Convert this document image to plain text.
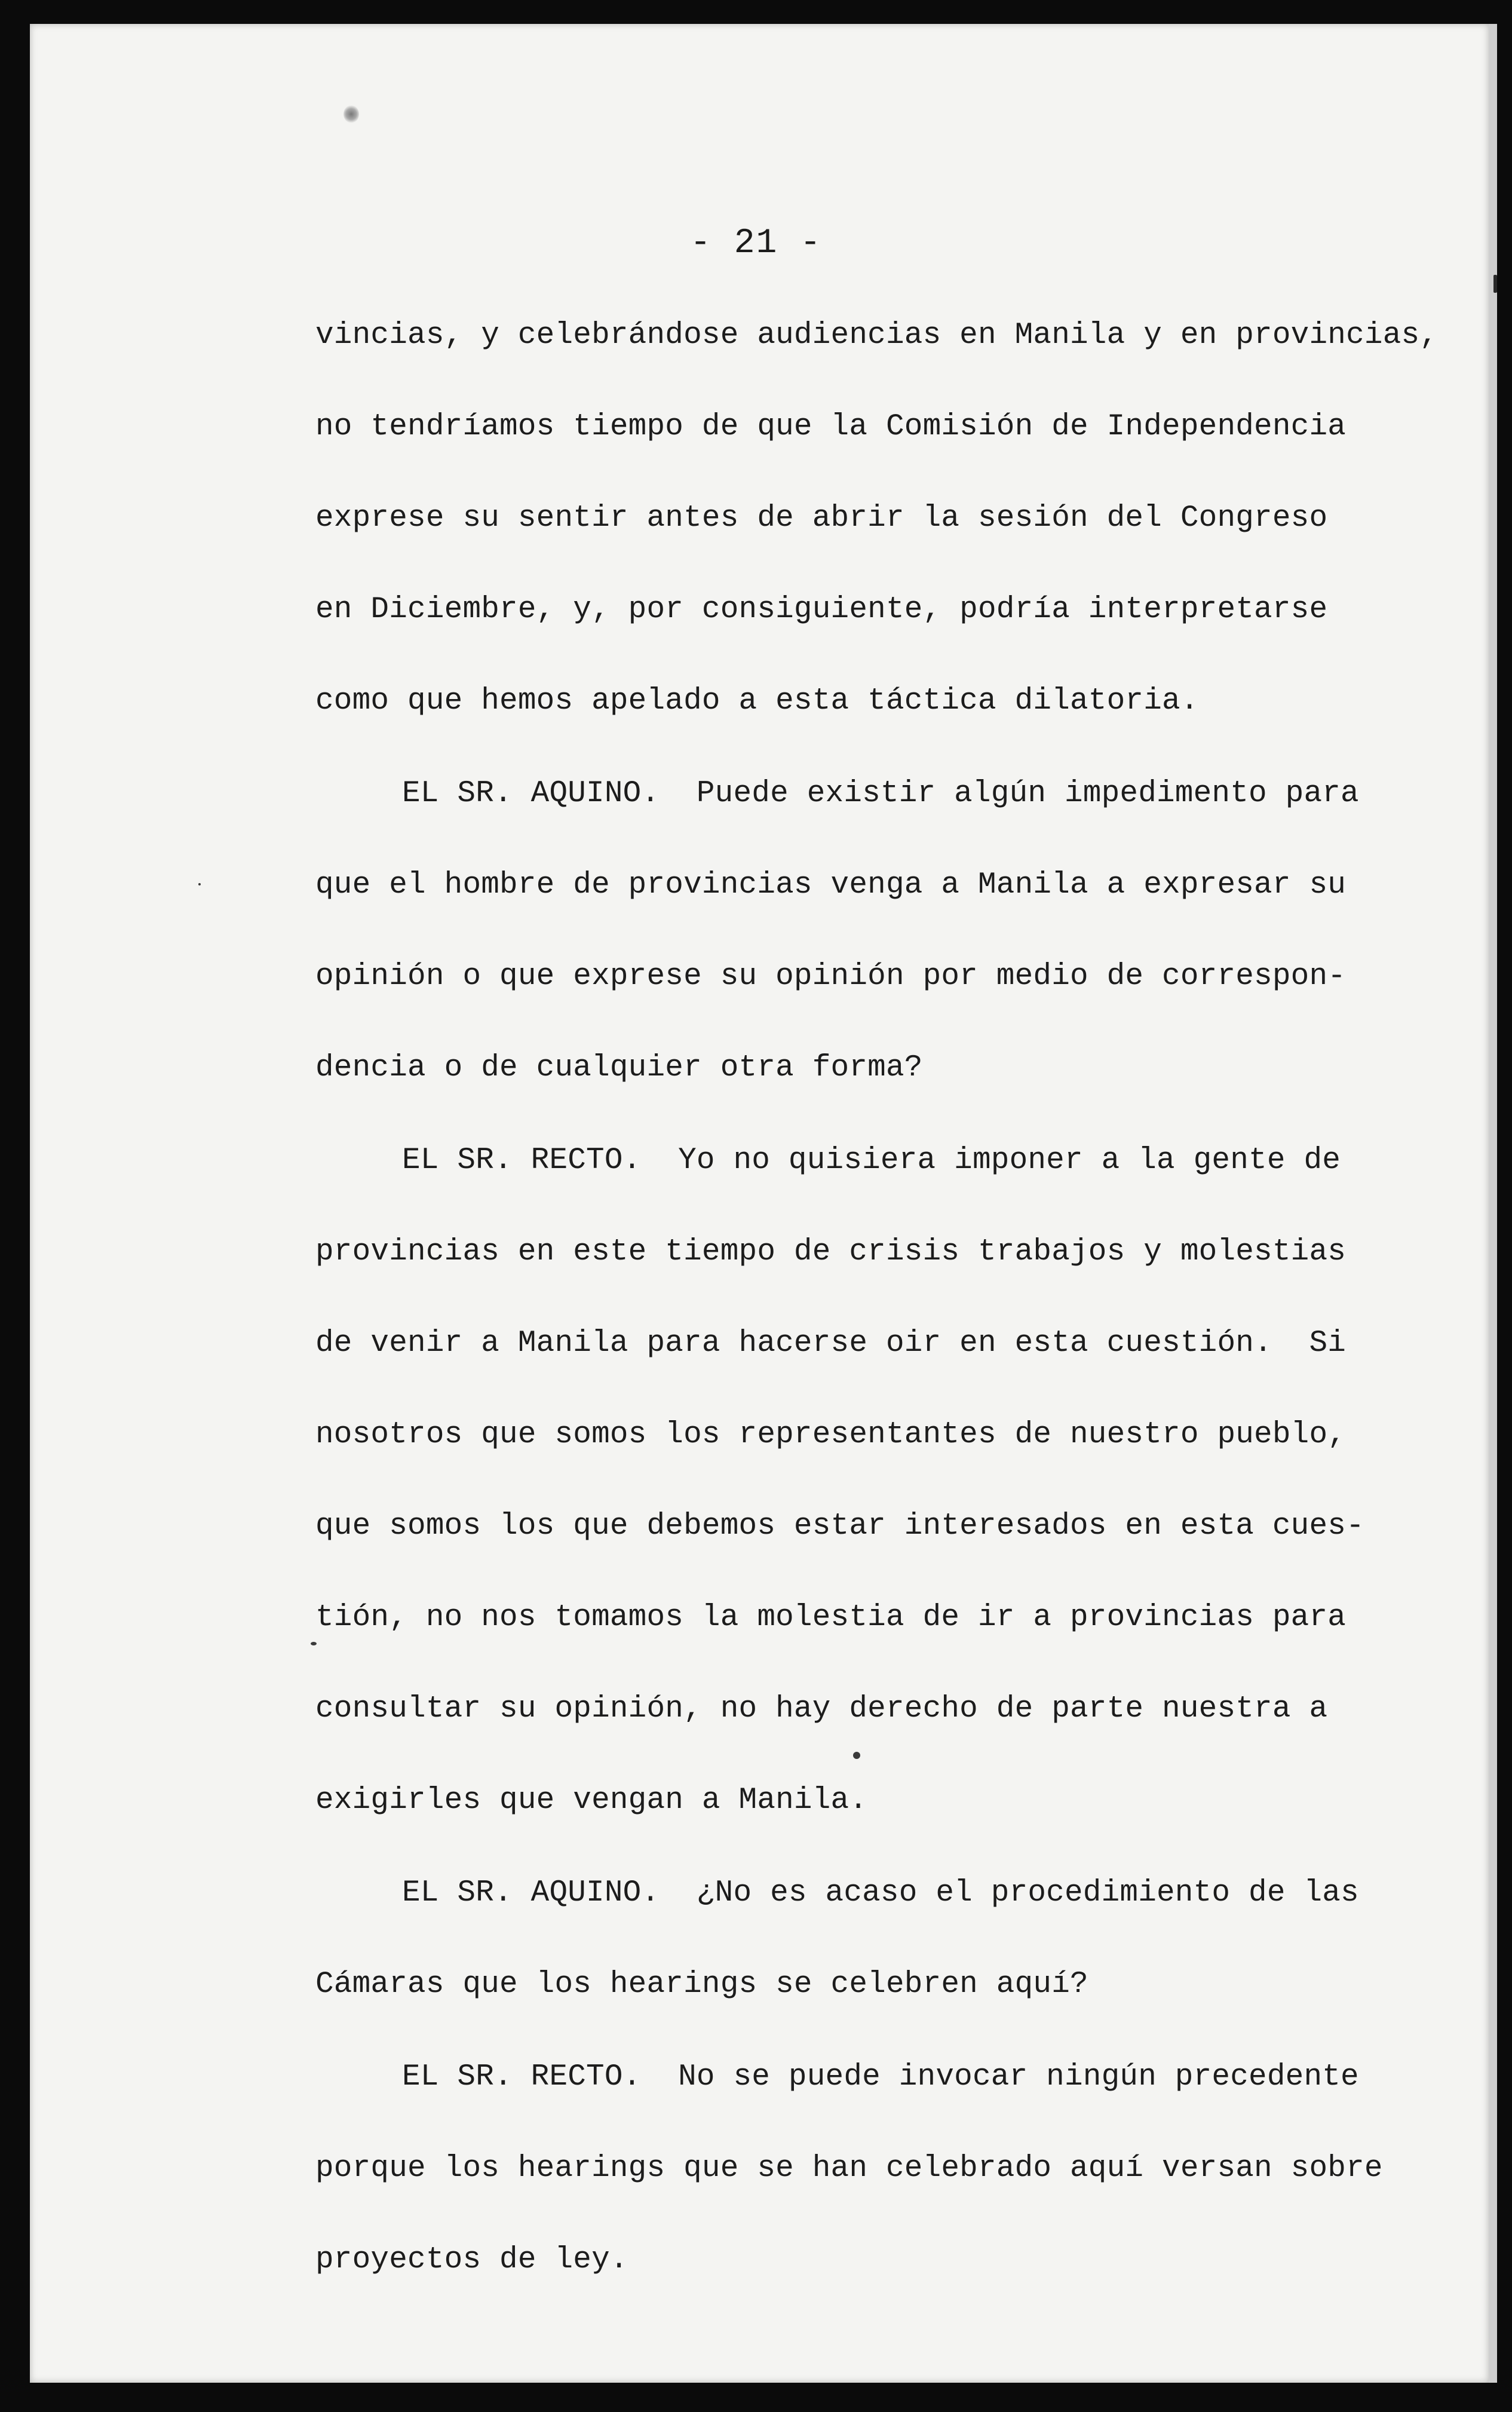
- 21 -
vincias, y celebrándose audiencias en Manila y en provincias,
no tendríamos tiempo de que la Comisión de Independencia
exprese su sentir antes de abrir la sesión del Congreso
en Diciembre, y, por consiguiente, podría interpretarse
como que hemos apelado a esta táctica dilatoria.
EL SR. AQUINO.  Puede existir algún impedimento para
que el hombre de provincias venga a Manila a expresar su
opinión o que exprese su opinión por medio de correspon-
dencia o de cualquier otra forma?
EL SR. RECTO.  Yo no quisiera imponer a la gente de
provincias en este tiempo de crisis trabajos y molestias
de venir a Manila para hacerse oir en esta cuestión.  Si
nosotros que somos los representantes de nuestro pueblo,
que somos los que debemos estar interesados en esta cues-
tión, no nos tomamos la molestia de ir a provincias para
consultar su opinión, no hay derecho de parte nuestra a
exigirles que vengan a Manila.
EL SR. AQUINO.  ¿No es acaso el procedimiento de las
Cámaras que los hearings se celebren aquí?
EL SR. RECTO.  No se puede invocar ningún precedente
porque los hearings que se han celebrado aquí versan sobre
proyectos de ley.
